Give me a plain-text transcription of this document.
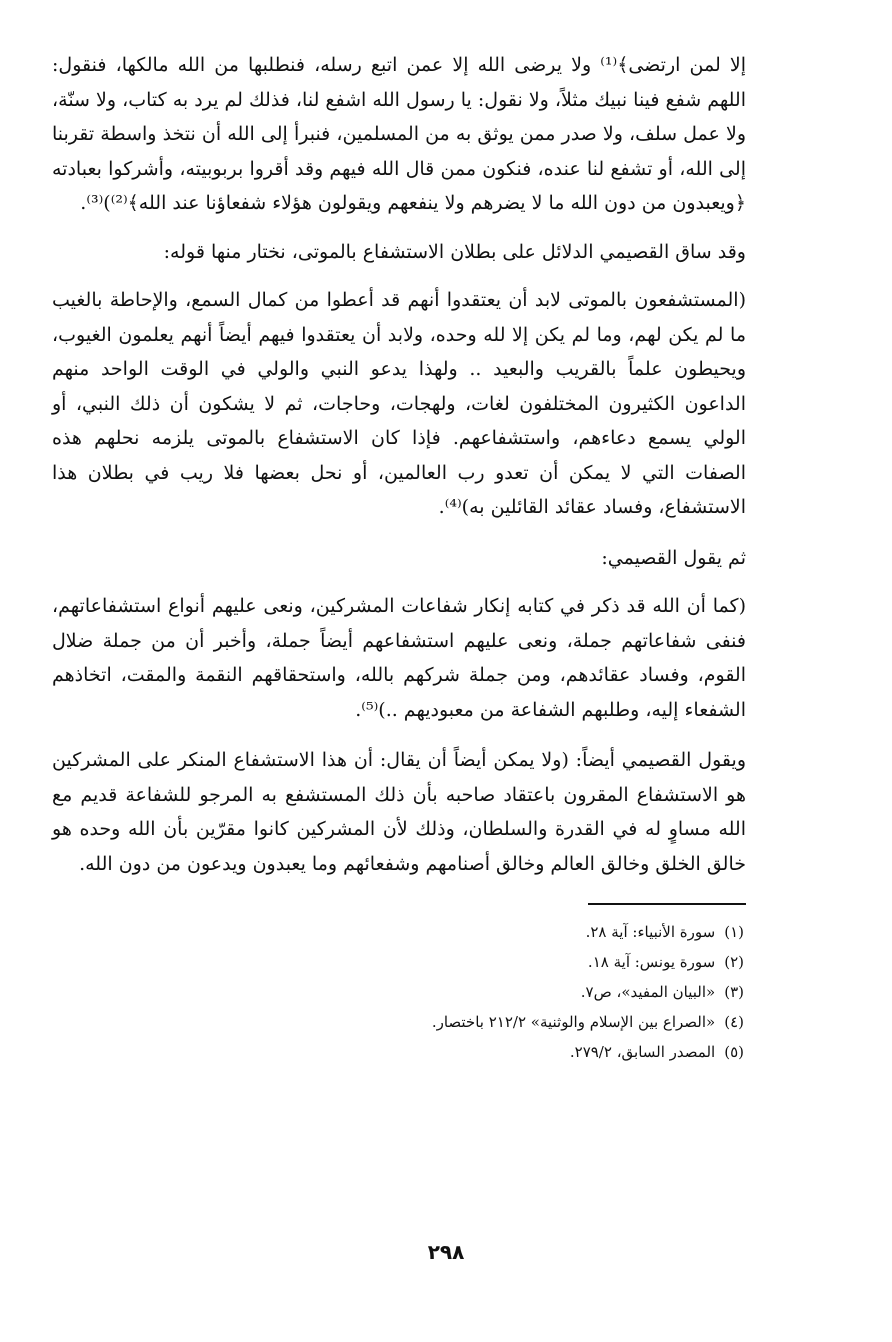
إلا لمن ارتضى﴾⁽¹⁾ ولا يرضى الله إلا عمن اتبع رسله، فنطلبها من الله مالكها، فنقول: اللهم شفع فينا نبيك مثلاً، ولا نقول: يا رسول الله اشفع لنا، فذلك لم يرد به كتاب، ولا سنّة، ولا عمل سلف، ولا صدر ممن يوثق به من المسلمين، فنبرأ إلى الله أن نتخذ واسطة تقربنا إلى الله، أو تشفع لنا عنده، فنكون ممن قال الله فيهم وقد أقروا بربوبيته، وأشركوا بعبادته ﴿ويعبدون من دون الله ما لا يضرهم ولا ينفعهم ويقولون هؤلاء شفعاؤنا عند الله﴾⁽²⁾)⁽³⁾.

وقد ساق القصيمي الدلائل على بطلان الاستشفاع بالموتى، نختار منها قوله:

(المستشفعون بالموتى لابد أن يعتقدوا أنهم قد أعطوا من كمال السمع، والإحاطة بالغيب ما لم يكن لهم، وما لم يكن إلا لله وحده، ولابد أن يعتقدوا فيهم أيضاً أنهم يعلمون الغيوب، ويحيطون علماً بالقريب والبعيد .. ولهذا يدعو النبي والولي في الوقت الواحد منهم الداعون الكثيرون المختلفون لغات، ولهجات، وحاجات، ثم لا يشكون أن ذلك النبي، أو الولي يسمع دعاءهم، واستشفاعهم. فإذا كان الاستشفاع بالموتى يلزمه نحلهم هذه الصفات التي لا يمكن أن تعدو رب العالمين، أو نحل بعضها فلا ريب في بطلان هذا الاستشفاع، وفساد عقائد القائلين به)⁽⁴⁾.

ثم يقول القصيمي:

(كما أن الله قد ذكر في كتابه إنكار شفاعات المشركين، ونعى عليهم أنواع استشفاعاتهم، فنفى شفاعاتهم جملة، ونعى عليهم استشفاعهم أيضاً جملة، وأخبر أن من جملة ضلال القوم، وفساد عقائدهم، ومن جملة شركهم بالله، واستحقاقهم النقمة والمقت، اتخاذهم الشفعاء إليه، وطلبهم الشفاعة من معبوديهم ..)⁽⁵⁾.

ويقول القصيمي أيضاً: (ولا يمكن أيضاً أن يقال: أن هذا الاستشفاع المنكر على المشركين هو الاستشفاع المقرون باعتقاد صاحبه بأن ذلك المستشفع به المرجو للشفاعة قديم مع الله مساوٍ له في القدرة والسلطان، وذلك لأن المشركين كانوا مقرّين بأن الله وحده هو خالق الخلق وخالق العالم وخالق أصنامهم وشفعائهم وما يعبدون ويدعون من دون الله.

(١) سورة الأنبياء: آية ٢٨.
(٢) سورة يونس: آية ١٨.
(٣) «البيان المفيد»، ص٧.
(٤) «الصراع بين الإسلام والوثنية» ٢١٢/٢ باختصار.
(٥) المصدر السابق، ٢٧٩/٢.
٢٩٨
